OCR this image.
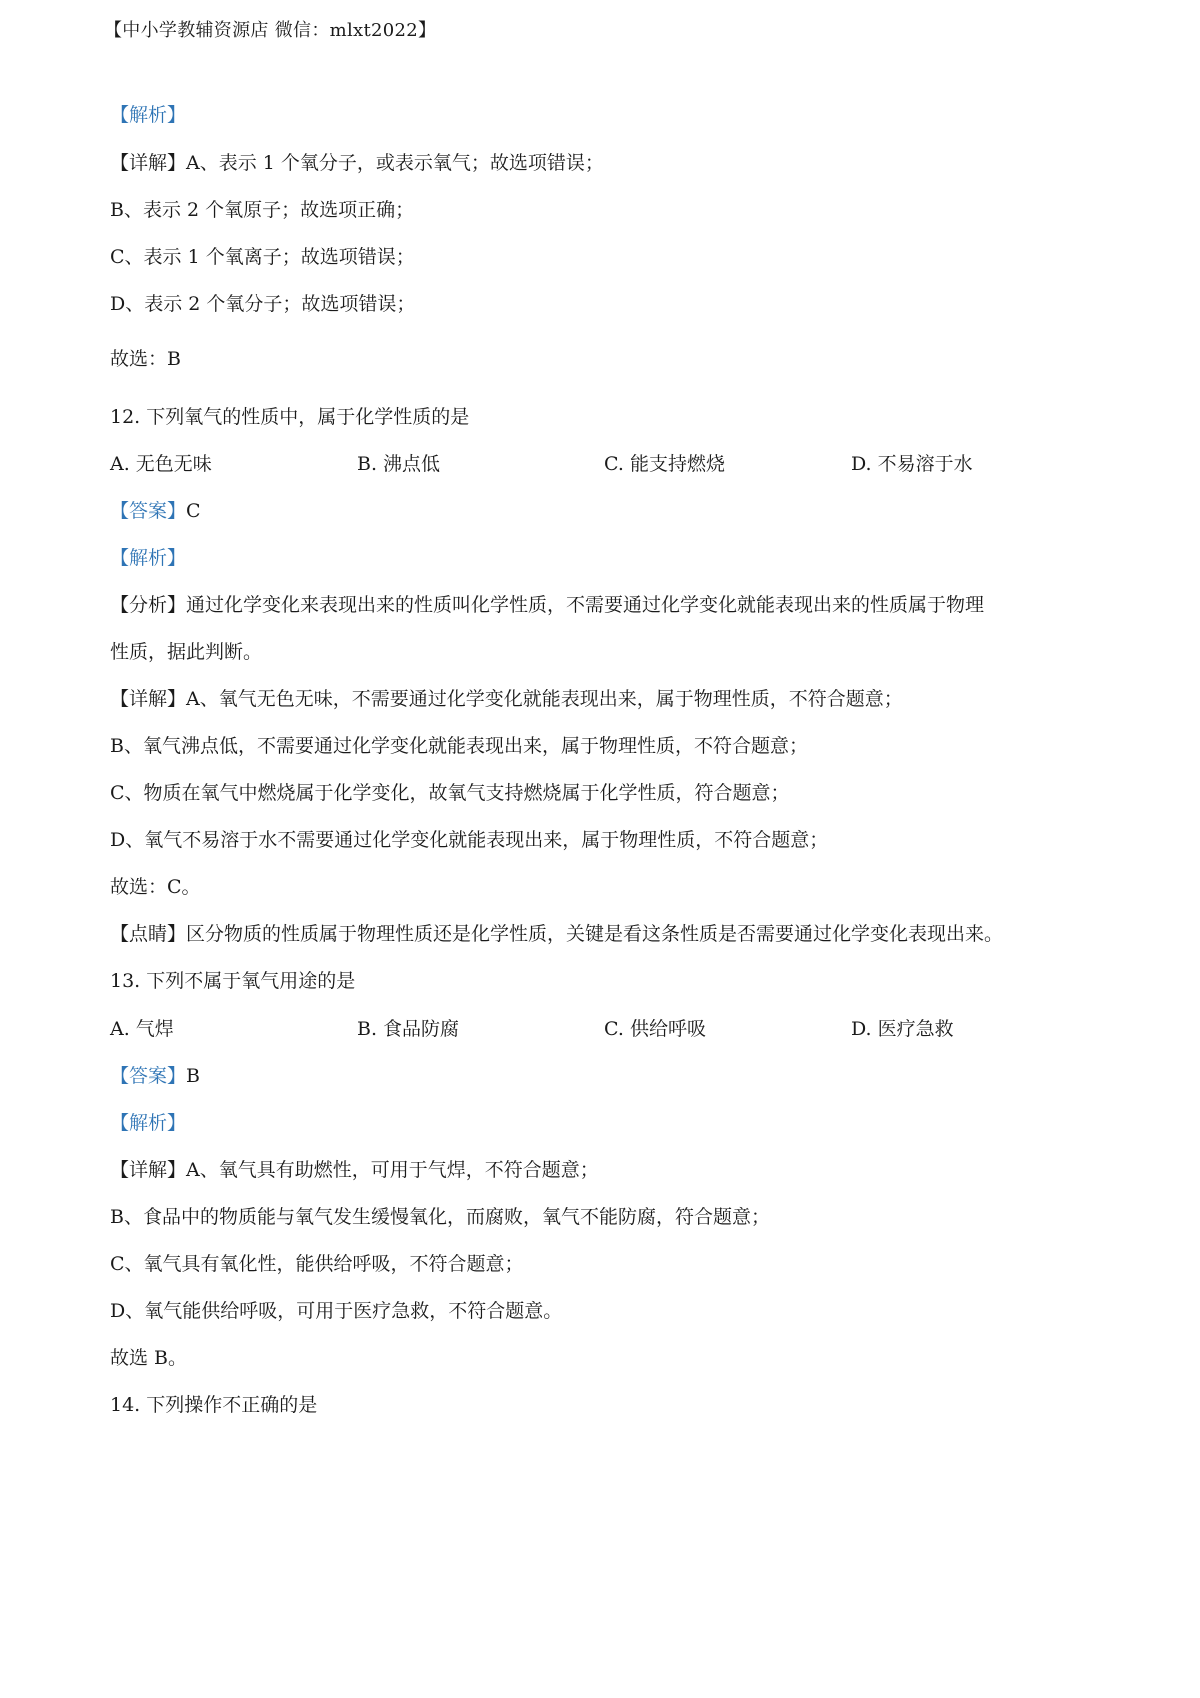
【中小学教辅资源店 微信：mlxt2022】
【解析】
【详解】A、表示 1 个氧分子，或表示氧气；故选项错误；
B、表示 2 个氧原子；故选项正确；
C、表示 1 个氧离子；故选项错误；
D、表示 2 个氧分子；故选项错误；
故选：B
12. 下列氧气的性质中，属于化学性质的是
A. 无色无味	B. 沸点低	C. 能支持燃烧	D. 不易溶于水
【答案】C
【解析】
【分析】通过化学变化来表现出来的性质叫化学性质，不需要通过化学变化就能表现出来的性质属于物理
性质，据此判断。
【详解】A、氧气无色无味，不需要通过化学变化就能表现出来，属于物理性质，不符合题意；
B、氧气沸点低，不需要通过化学变化就能表现出来，属于物理性质，不符合题意；
C、物质在氧气中燃烧属于化学变化，故氧气支持燃烧属于化学性质，符合题意；
D、氧气不易溶于水不需要通过化学变化就能表现出来，属于物理性质，不符合题意；
故选：C。
【点睛】区分物质的性质属于物理性质还是化学性质，关键是看这条性质是否需要通过化学变化表现出来。
13. 下列不属于氧气用途的是
A. 气焊	B. 食品防腐	C. 供给呼吸	D. 医疗急救
【答案】B
【解析】
【详解】A、氧气具有助燃性，可用于气焊，不符合题意；
B、食品中的物质能与氧气发生缓慢氧化，而腐败，氧气不能防腐，符合题意；
C、氧气具有氧化性，能供给呼吸，不符合题意；
D、氧气能供给呼吸，可用于医疗急救，不符合题意。
故选 B。
14. 下列操作不正确的是
